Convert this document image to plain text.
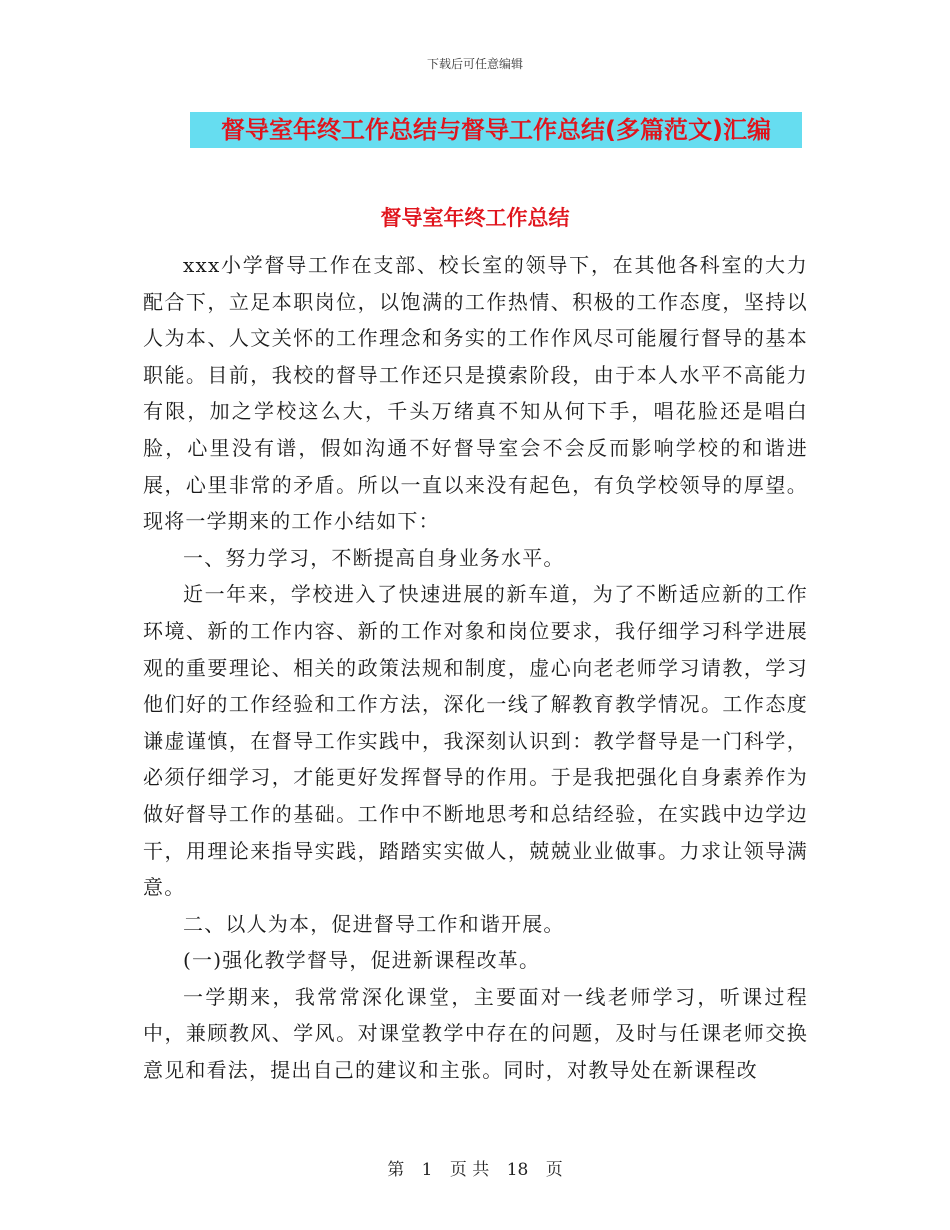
下载后可任意编辑
督导室年终工作总结与督导工作总结(多篇范文)汇编
督导室年终工作总结

xxx小学督导工作在支部、校长室的领导下，在其他各科室的大力配合下，立足本职岗位，以饱满的工作热情、积极的工作态度，坚持以人为本、人文关怀的工作理念和务实的工作作风尽可能履行督导的基本职能。目前，我校的督导工作还只是摸索阶段，由于本人水平不高能力有限，加之学校这么大，千头万绪真不知从何下手，唱花脸还是唱白脸，心里没有谱，假如沟通不好督导室会不会反而影响学校的和谐进展，心里非常的矛盾。所以一直以来没有起色，有负学校领导的厚望。现将一学期来的工作小结如下：

一、努力学习，不断提高自身业务水平。

近一年来，学校进入了快速进展的新车道，为了不断适应新的工作环境、新的工作内容、新的工作对象和岗位要求，我仔细学习科学进展观的重要理论、相关的政策法规和制度，虚心向老老师学习请教，学习他们好的工作经验和工作方法，深化一线了解教育教学情况。工作态度谦虚谨慎，在督导工作实践中，我深刻认识到：教学督导是一门科学，必须仔细学习，才能更好发挥督导的作用。于是我把强化自身素养作为做好督导工作的基础。工作中不断地思考和总结经验，在实践中边学边干，用理论来指导实践，踏踏实实做人，兢兢业业做事。力求让领导满意。

二、以人为本，促进督导工作和谐开展。

(一)强化教学督导，促进新课程改革。

一学期来，我常常深化课堂，主要面对一线老师学习，听课过程中，兼顾教风、学风。对课堂教学中存在的问题，及时与任课老师交换意见和看法，提出自己的建议和主张。同时，对教导处在新课程改

第 1 页 共 18 页
